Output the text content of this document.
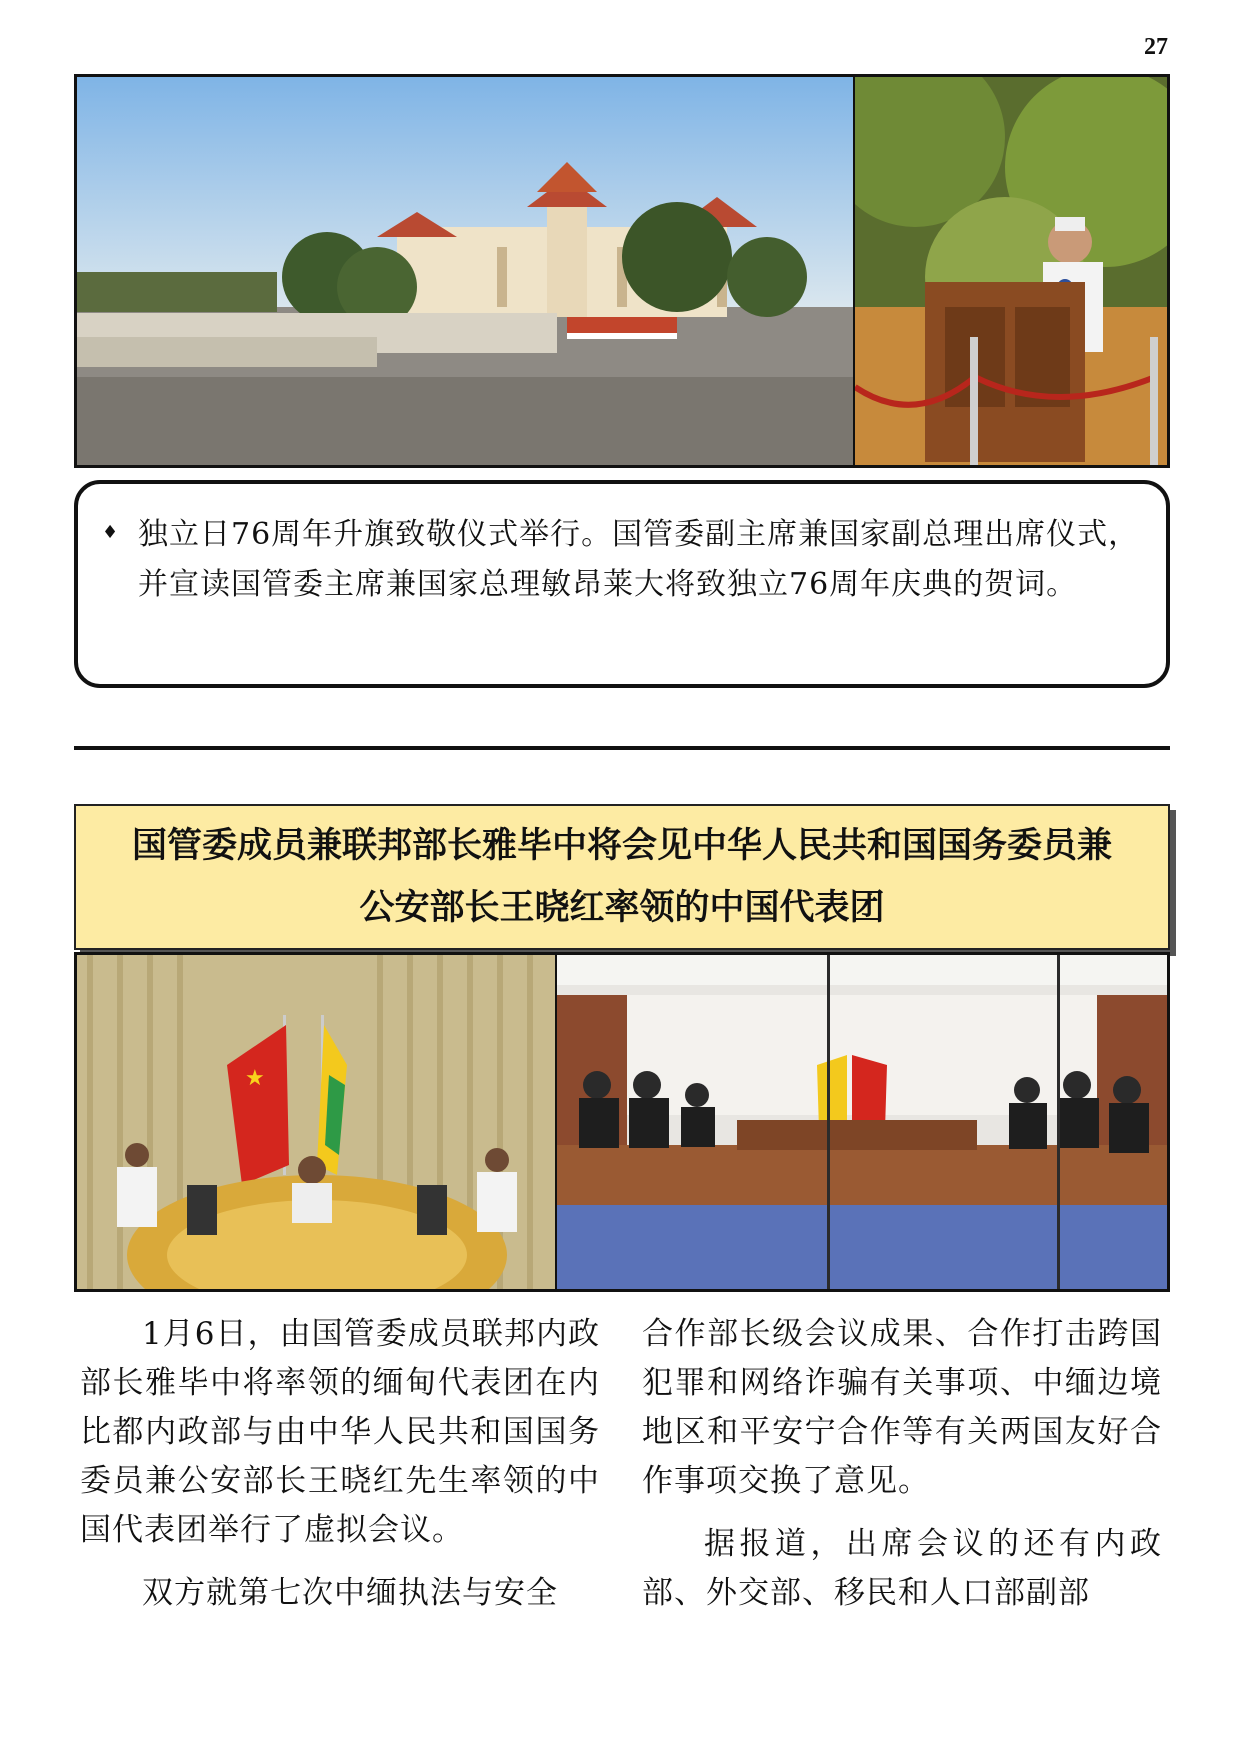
27
♦ 独立日76周年升旗致敬仪式举行。国管委副主席兼国家副总理出席仪式，并宣读国管委主席兼国家总理敏昂莱大将致独立76周年庆典的贺词。
国管委成员兼联邦部长雅毕中将会见中华人民共和国国务委员兼
公安部长王晓红率领的中国代表团
★

1月6日，由国管委成员联邦内政部长雅毕中将率领的缅甸代表团在内比都内政部与由中华人民共和国国务委员兼公安部长王晓红先生率领的中国代表团举行了虚拟会议。

双方就第七次中缅执法与安全

合作部长级会议成果、合作打击跨国犯罪和网络诈骗有关事项、中缅边境地区和平安宁合作等有关两国友好合作事项交换了意见。

据报道，出席会议的还有内政部、外交部、移民和人口部副部
